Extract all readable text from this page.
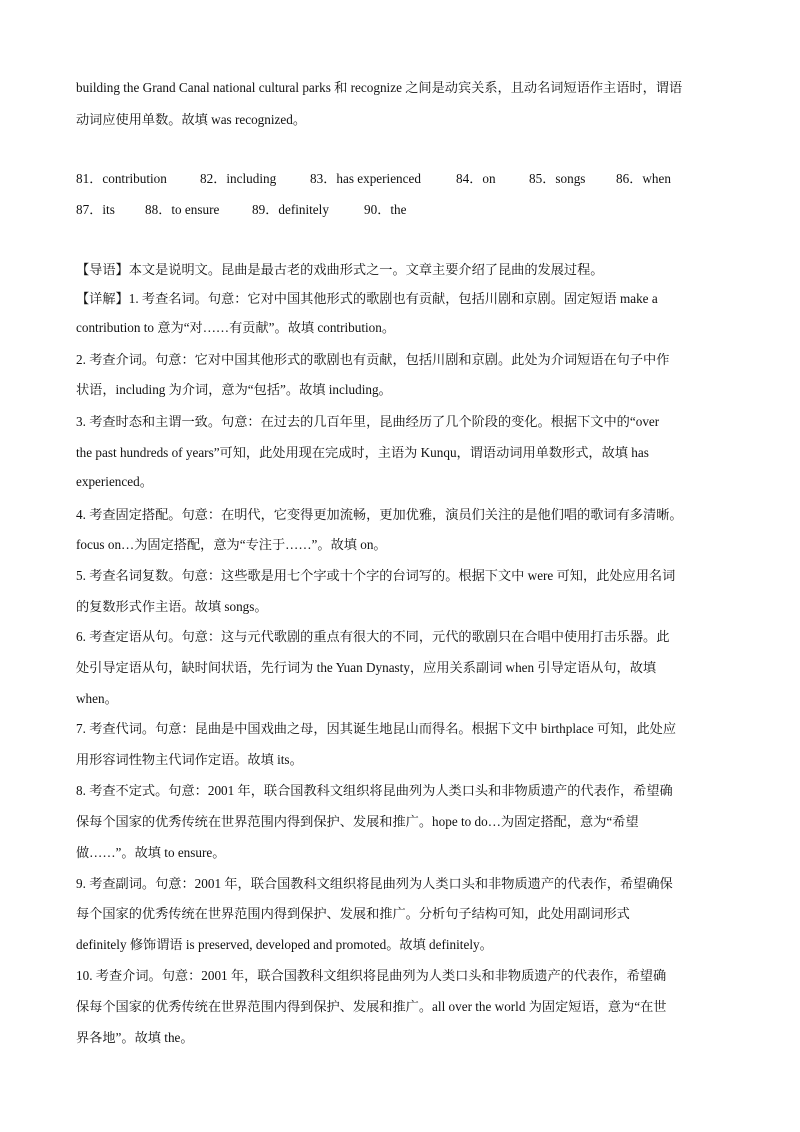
building the Grand Canal national cultural parks 和 recognize 之间是动宾关系，且动名词短语作主语时，谓语
动词应使用单数。故填 was recognized。
81．contribution	82．including	83．has experienced	84．on	85．songs 86．when
87．its 88．to ensure 89．definitely	90．the
【导语】本文是说明文。昆曲是最古老的戏曲形式之一。文章主要介绍了昆曲的发展过程。
【详解】1. 考查名词。句意：它对中国其他形式的歌剧也有贡献，包括川剧和京剧。固定短语 make a
contribution to 意为“对……有贡献”。故填 contribution。
2. 考查介词。句意：它对中国其他形式的歌剧也有贡献，包括川剧和京剧。此处为介词短语在句子中作
状语，including 为介词，意为“包括”。故填 including。
3. 考查时态和主谓一致。句意：在过去的几百年里，昆曲经历了几个阶段的变化。根据下文中的“over
the past hundreds of years”可知，此处用现在完成时，主语为 Kunqu，谓语动词用单数形式，故填 has
experienced。
4. 考查固定搭配。句意：在明代，它变得更加流畅，更加优雅，演员们关注的是他们唱的歌词有多清晰。
focus on…为固定搭配，意为“专注于……”。故填 on。
5. 考查名词复数。句意：这些歌是用七个字或十个字的台词写的。根据下文中 were 可知，此处应用名词
的复数形式作主语。故填 songs。
6. 考查定语从句。句意：这与元代歌剧的重点有很大的不同，元代的歌剧只在合唱中使用打击乐器。此
处引导定语从句，缺时间状语，先行词为 the Yuan Dynasty，应用关系副词 when 引导定语从句，故填
when。
7. 考查代词。句意：昆曲是中国戏曲之母，因其诞生地昆山而得名。根据下文中 birthplace 可知，此处应
用形容词性物主代词作定语。故填 its。
8. 考查不定式。句意：2001 年，联合国教科文组织将昆曲列为人类口头和非物质遗产的代表作，希望确
保每个国家的优秀传统在世界范围内得到保护、发展和推广。hope to do…为固定搭配，意为“希望
做……”。故填 to ensure。
9. 考查副词。句意：2001 年，联合国教科文组织将昆曲列为人类口头和非物质遗产的代表作，希望确保
每个国家的优秀传统在世界范围内得到保护、发展和推广。分析句子结构可知，此处用副词形式
definitely 修饰谓语 is preserved, developed and promoted。故填 definitely。
10. 考查介词。句意：2001 年，联合国教科文组织将昆曲列为人类口头和非物质遗产的代表作，希望确
保每个国家的优秀传统在世界范围内得到保护、发展和推广。all over the world 为固定短语，意为“在世
界各地”。故填 the。
